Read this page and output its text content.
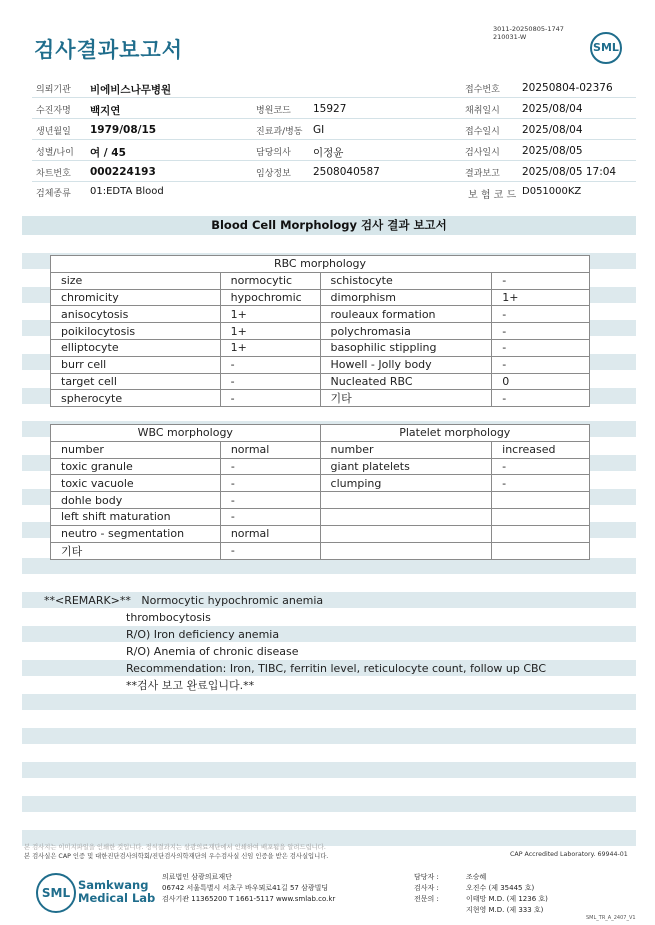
검사결과보고서
3011-20250805-1747
210031-W
SML
의뢰기관 비에비스나무병원	접수번호 20250804-02376
수진자명 백지연	병원코드 15927	채취일시 2025/08/04
생년월일 1979/08/15	진료과/병동 GI	접수일시 2025/08/04
성별/나이 여 / 45	담당의사 이정윤	검사일시 2025/08/05
차트번호 000224193	임상정보 2508040587	결과보고 2025/08/05 17:04
검체종류 01:EDTA Blood	보 험 코 드 D051000KZ
Blood Cell Morphology 검사 결과 보고서
RBC morphology			
size	normocytic	schistocyte	-
chromicity	hypochromic	dimorphism	1+
anisocytosis	1+	rouleaux formation	-
poikilocytosis	1+	polychromasia	-
elliptocyte	1+	basophilic stippling	-
burr cell	-	Howell - Jolly body	-
target cell	-	Nucleated RBC	0
spherocyte	-	기타	-
WBC morphology		Platelet morphology	
number	normal	number	increased
toxic granule	-	giant platelets	-
toxic vacuole	-	clumping	-
dohle body	-		
left shift maturation	-		
neutro - segmentation	normal		
기타	-		
**<REMARK>** Normocytic hypochromic anemia
thrombocytosis
R/O) Iron deficiency anemia
R/O) Anemia of chronic disease
Recommendation: Iron, TIBC, ferritin level, reticulocyte count, follow up CBC
**검사 보고 완료입니다.**
본 검사지는 이미지파일을 인쇄한 것입니다. 정식결과지는 삼광의료재단에서 인쇄하여 배포됨을 알려드립니다.
본 검사실은 CAP 인증 및 대한진단검사의학회/진단검사의학재단의 우수검사실 신임 인증을 받은 검사실입니다.	CAP Accredited Laboratory. 69944-01
SML
Samkwang
Medical Lab
의료법인 삼광의료재단
06742 서울특별시 서초구 바우뫼로41길 57 삼광빌딩
검사기관 11365200 T 1661-5117 www.smlab.co.kr
담당자 :	조승혜
검사자 :	오진수 (제 35445 호)
전문의 :	이태망 M.D. (제 1236 호)
지현영 M.D. (제 333 호)
SML_TR_A_2407_V1
